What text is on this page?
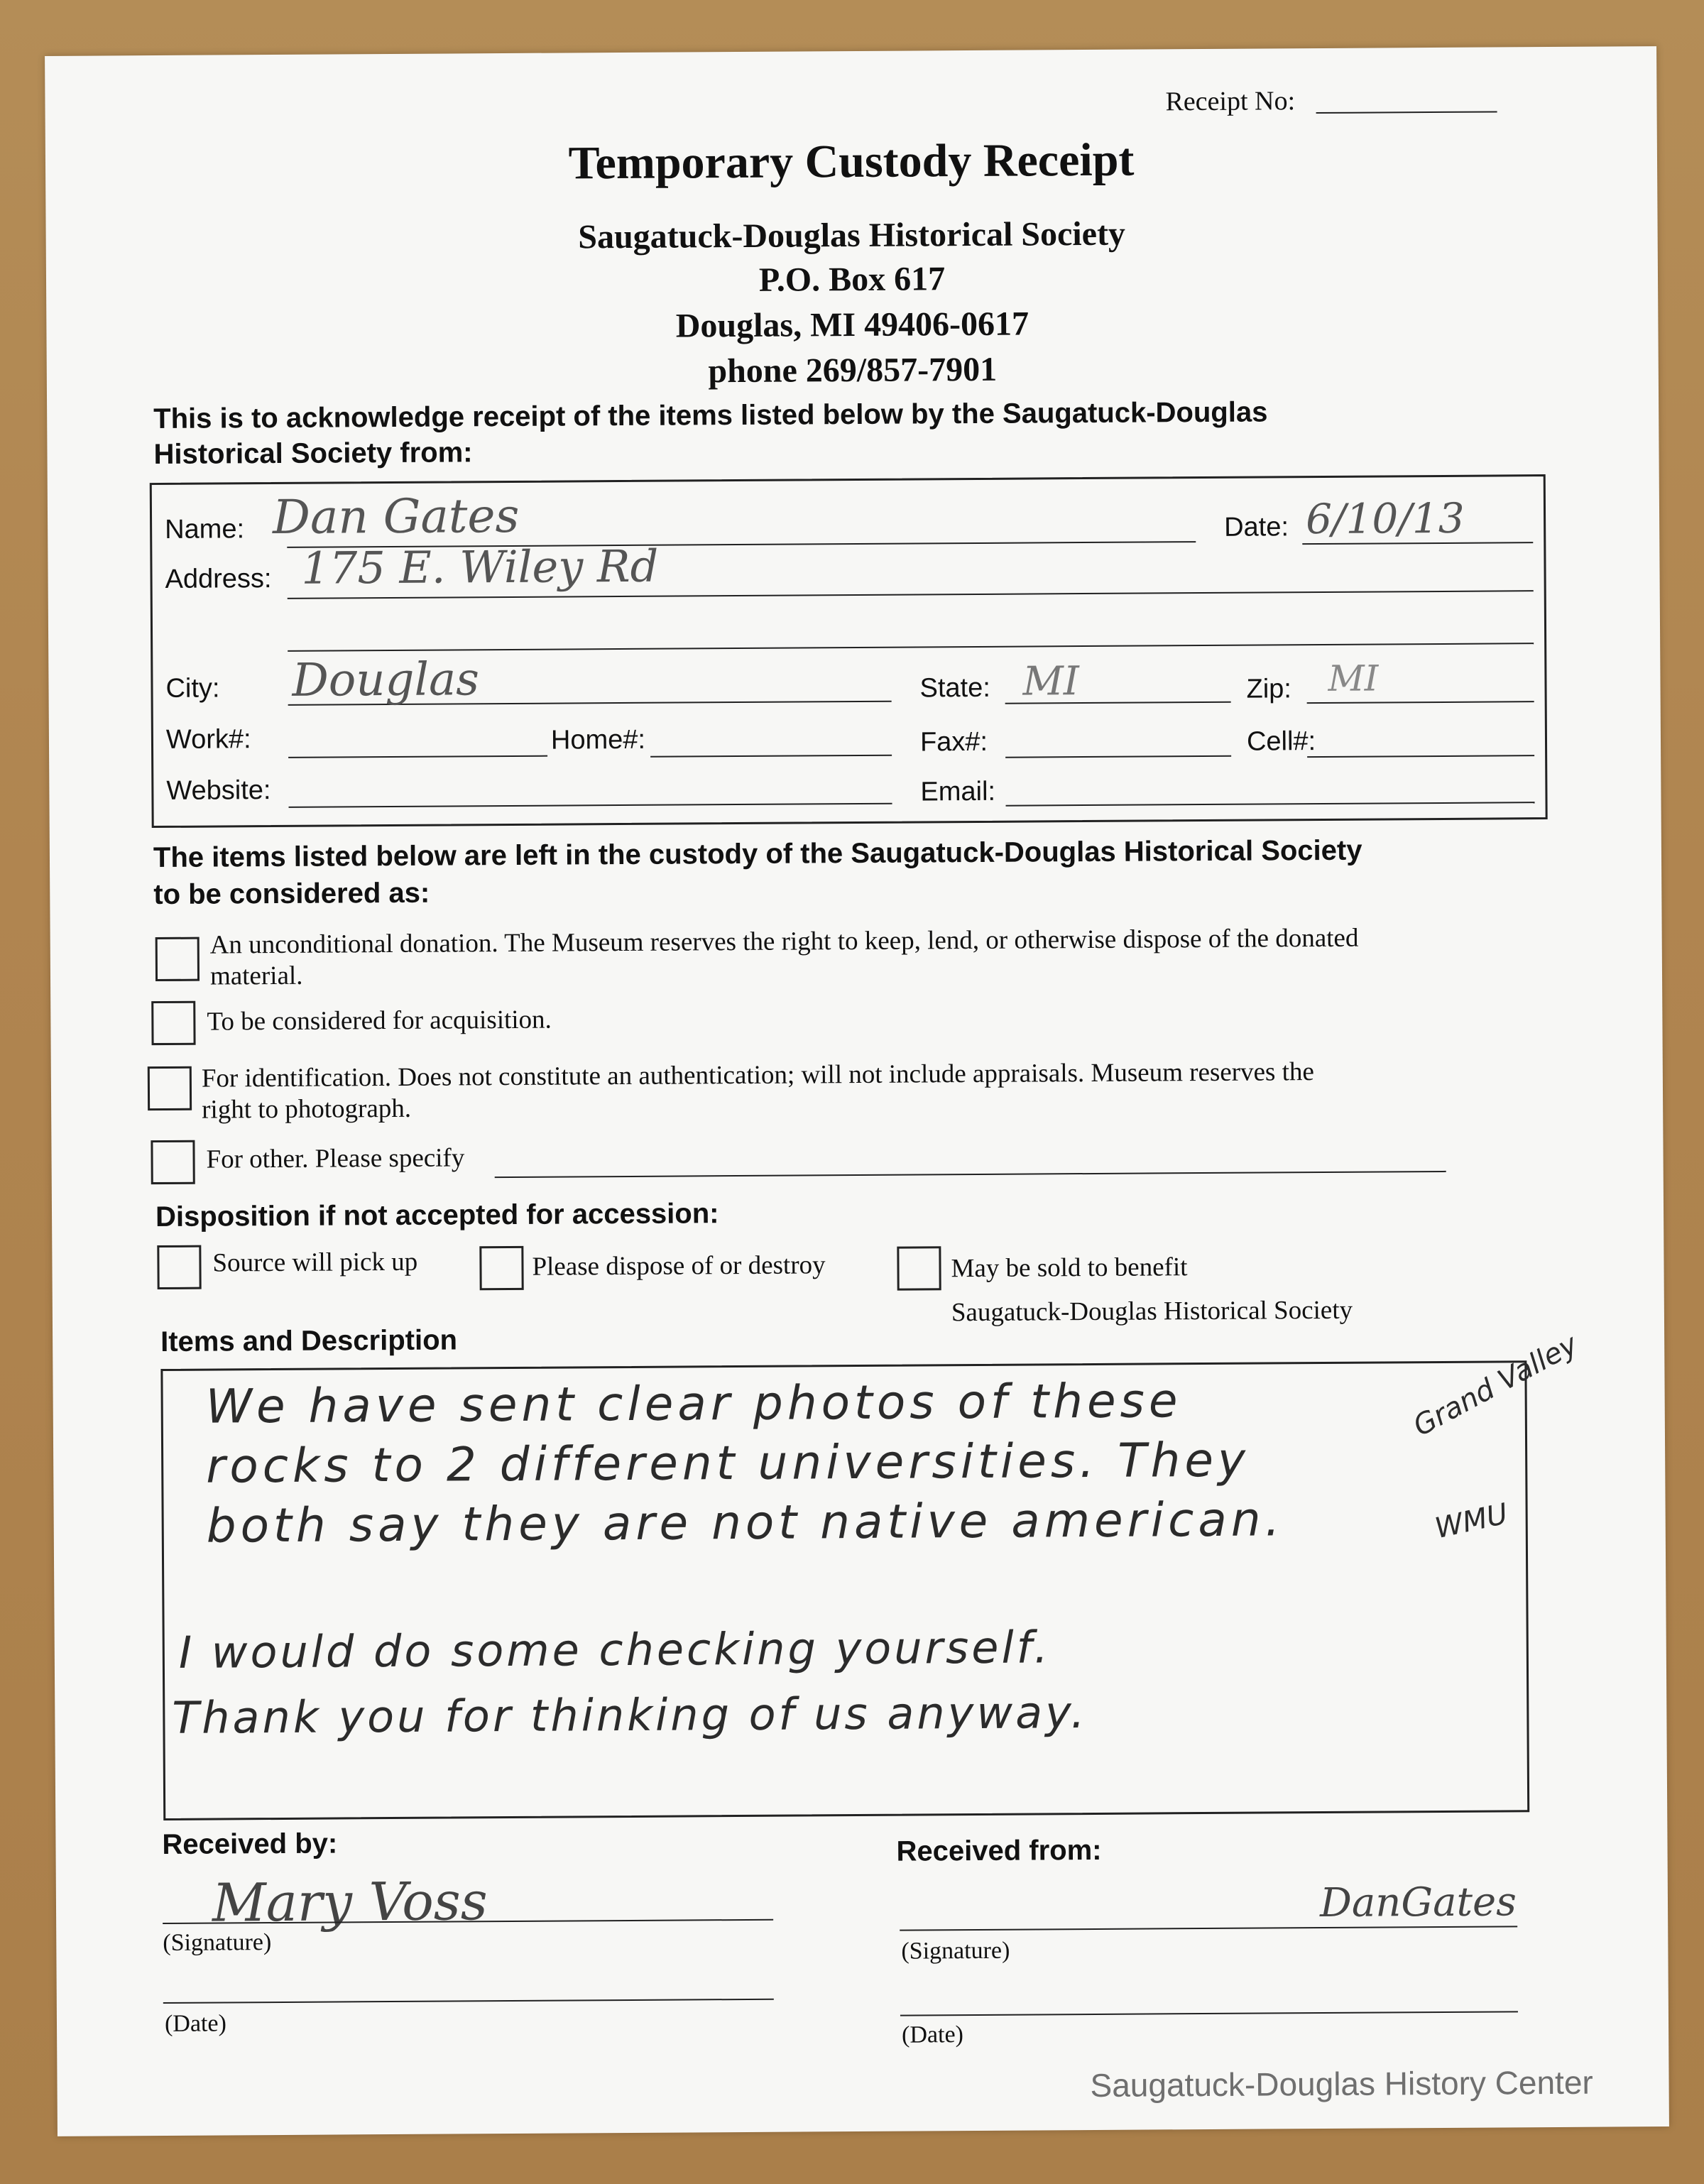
Receipt No:
Temporary Custody Receipt
Saugatuck-Douglas Historical Society
P.O. Box 617
Douglas, MI 49406-0617
phone 269/857-7901
This is to acknowledge receipt of the items listed below by the Saugatuck-Douglas
Historical Society from:
Name: Dan Gates	Date: 6/10/13
Address: 175 E. Wiley Rd
City: Douglas	State: MI	Zip: MI
Work#:	Home#:	Fax#:	Cell#:
Website:	Email:
The items listed below are left in the custody of the Saugatuck-Douglas Historical Society
to be considered as:
An unconditional donation. The Museum reserves the right to keep, lend, or otherwise dispose of the donated
material.
To be considered for acquisition.
For identification. Does not constitute an authentication; will not include appraisals. Museum reserves the
right to photograph.
For other. Please specify
Disposition if not accepted for accession:
Source will pick up	Please dispose of or destroy	May be sold to benefit
Saugatuck-Douglas Historical Society
Items and Description
We have sent clear photos of these
rocks to 2 different universities. They
both say they are not native american.
I would do some checking yourself.
Thank you for thinking of us anyway.
Grand Valley
WMU
Received by:
Mary Voss
(Signature)
(Date)
Received from:
DanGates
(Signature)
(Date)
Saugatuck-Douglas History Center
